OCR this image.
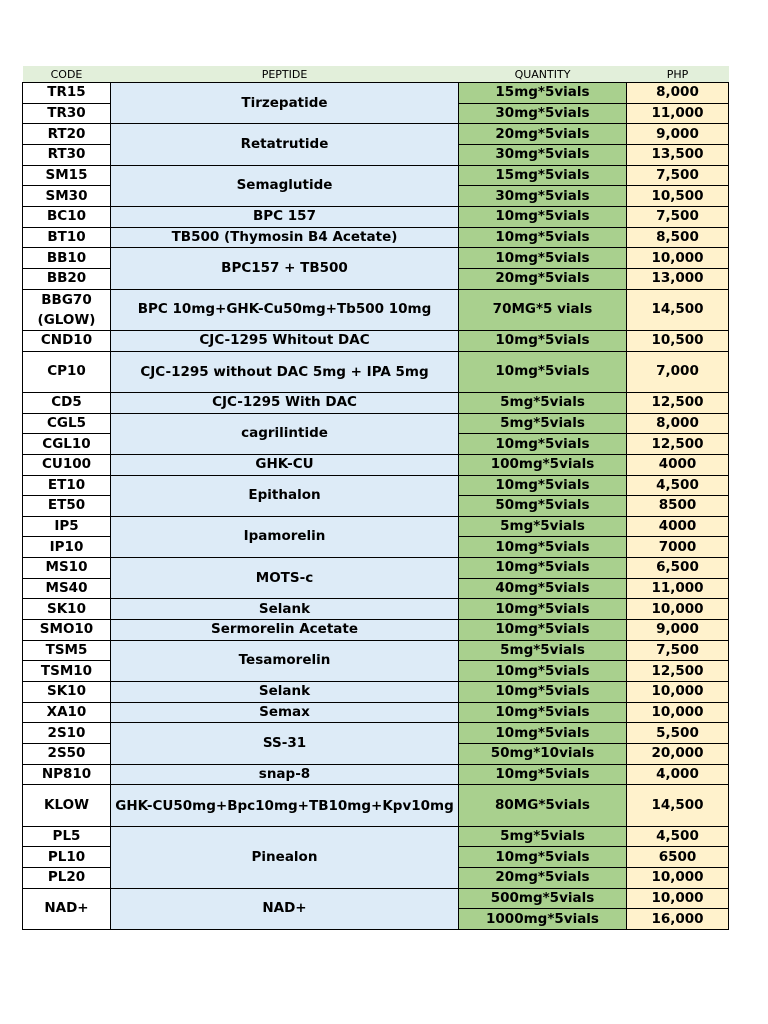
CODE	PEPTIDE	QUANTITY	PHP
TR15	Tirzepatide	15mg*5vials	8,000
TR30		30mg*5vials	11,000
RT20	Retatrutide	20mg*5vials	9,000
RT30		30mg*5vials	13,500
SM15	Semaglutide	15mg*5vials	7,500
SM30		30mg*5vials	10,500
BC10	BPC 157	10mg*5vials	7,500
BT10	TB500 (Thymosin B4 Acetate)	10mg*5vials	8,500
BB10	BPC157 + TB500	10mg*5vials	10,000
BB20		20mg*5vials	13,000
BBG70 (GLOW)	BPC 10mg+GHK-Cu50mg+Tb500 10mg	70MG*5 vials	14,500
CND10	CJC-1295 Whitout DAC	10mg*5vials	10,500
CP10	CJC-1295 without DAC 5mg + IPA 5mg	10mg*5vials	7,000
CD5	CJC-1295 With DAC	5mg*5vials	12,500
CGL5	cagrilintide	5mg*5vials	8,000
CGL10		10mg*5vials	12,500
CU100	GHK-CU	100mg*5vials	4000
ET10	Epithalon	10mg*5vials	4,500
ET50		50mg*5vials	8500
IP5	Ipamorelin	5mg*5vials	4000
IP10		10mg*5vials	7000
MS10	MOTS-c	10mg*5vials	6,500
MS40		40mg*5vials	11,000
SK10	Selank	10mg*5vials	10,000
SMO10	Sermorelin Acetate	10mg*5vials	9,000
TSM5	Tesamorelin	5mg*5vials	7,500
TSM10		10mg*5vials	12,500
SK10	Selank	10mg*5vials	10,000
XA10	Semax	10mg*5vials	10,000
2S10	SS-31	10mg*5vials	5,500
2S50		50mg*10vials	20,000
NP810	snap-8	10mg*5vials	4,000
KLOW	GHK-CU50mg+Bpc10mg+TB10mg+Kpv10mg	80MG*5vials	14,500
PL5	Pinealon	5mg*5vials	4,500
PL10		10mg*5vials	6500
PL20		20mg*5vials	10,000
NAD+	NAD+	500mg*5vials	10,000
		1000mg*5vials	16,000
